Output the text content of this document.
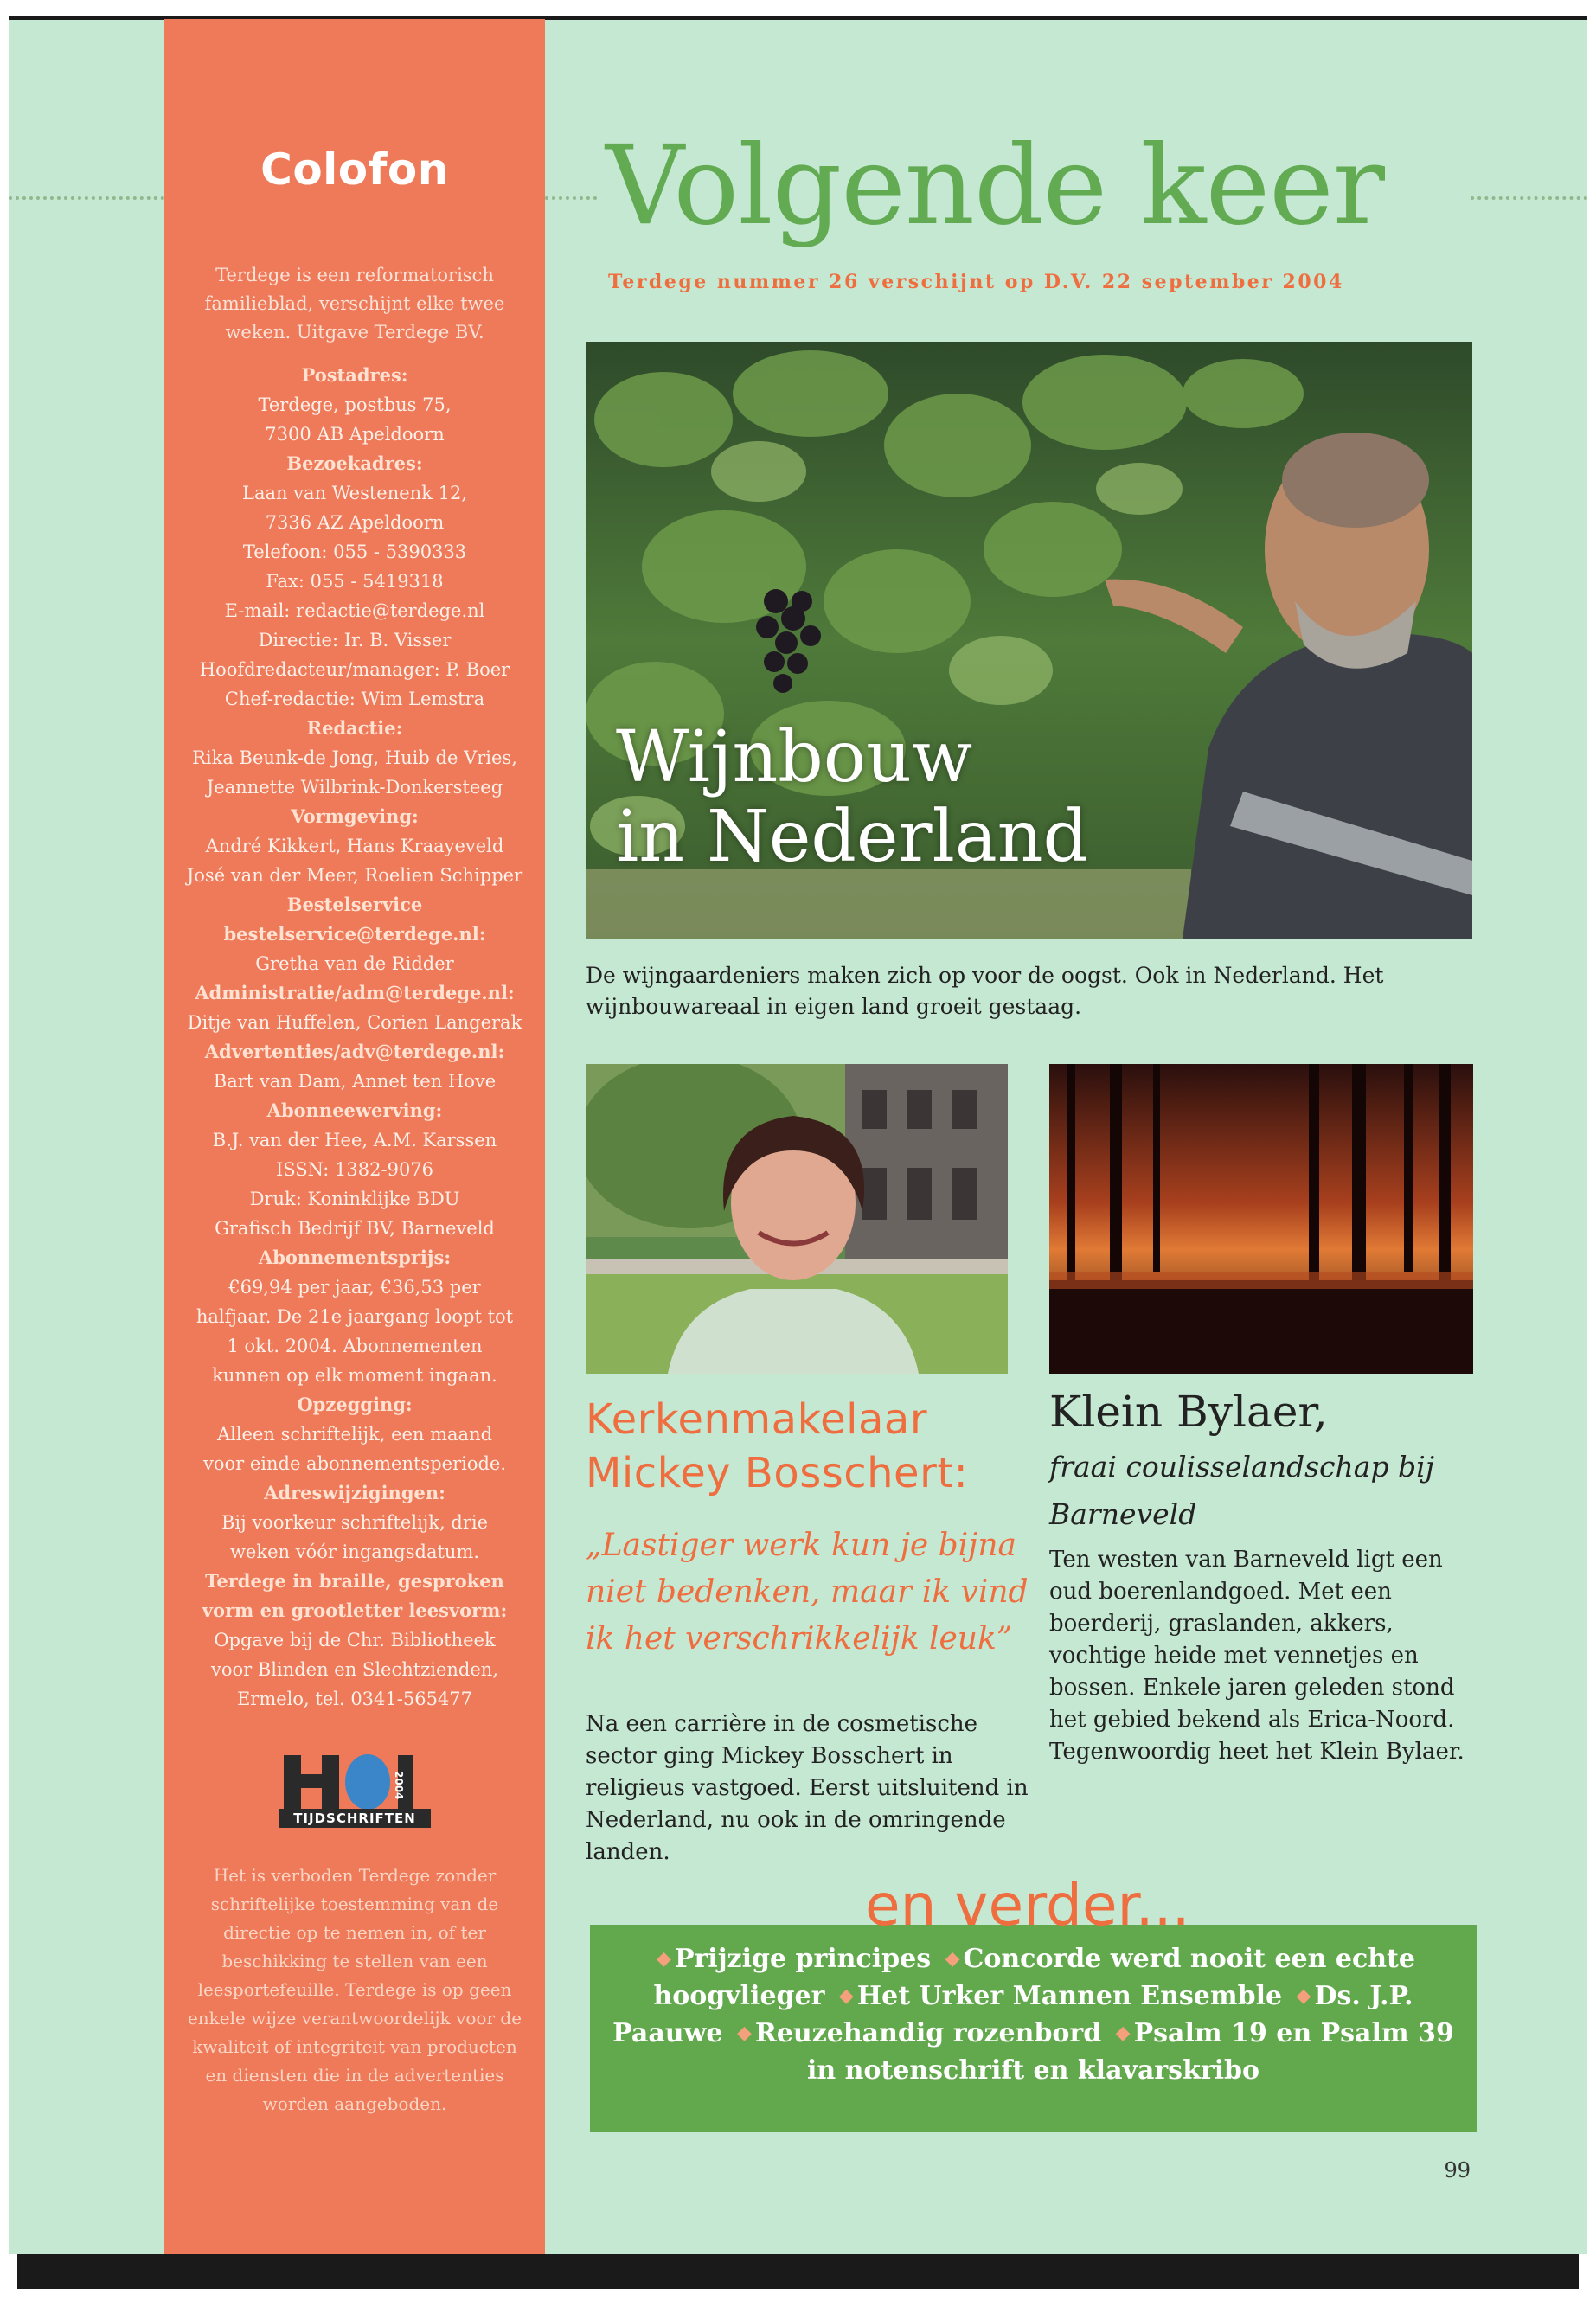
Colofon
Terdege is een reformatorisch familieblad, verschijnt elke twee weken. Uitgave Terdege BV.
Postadres:
Terdege, postbus 75,
7300 AB Apeldoorn
Bezoekadres:
Laan van Westenenk 12,
7336 AZ Apeldoorn
Telefoon: 055 - 5390333
Fax: 055 - 5419318
E-mail: redactie@terdege.nl
Directie: Ir. B. Visser
Hoofdredacteur/manager: P. Boer
Chef-redactie: Wim Lemstra
Redactie:
Rika Beunk-de Jong, Huib de Vries,
Jeannette Wilbrink-Donkersteeg
Vormgeving:
André Kikkert, Hans Kraayeveld
José van der Meer, Roelien Schipper
Bestelservice
bestelservice@terdege.nl:
Gretha van de Ridder
Administratie/adm@terdege.nl:
Ditje van Huffelen, Corien Langerak
Advertenties/adv@terdege.nl:
Bart van Dam, Annet ten Hove
Abonneewerving:
B.J. van der Hee, A.M. Karssen
ISSN: 1382-9076
Druk: Koninklijke BDU
Grafisch Bedrijf BV, Barneveld
Abonnementsprijs:
€69,94 per jaar, €36,53 per
halfjaar. De 21e jaargang loopt tot
1 okt. 2004. Abonnementen
kunnen op elk moment ingaan.
Opzegging:
Alleen schriftelijk, een maand
voor einde abonnementsperiode.
Adreswijzigingen:
Bij voorkeur schriftelijk, drie
weken vóór ingangsdatum.
Terdege in braille, gesproken
vorm en grootletter leesvorm:
Opgave bij de Chr. Bibliotheek
voor Blinden en Slechtzienden,
Ermelo, tel. 0341-565477
TIJDSCHRIFTEN
2004
Het is verboden Terdege zonder schriftelijke toestemming van de directie op te nemen in, of ter beschikking te stellen van een leesportefeuille. Terdege is op geen enkele wijze verantwoordelijk voor de kwaliteit of integriteit van producten en diensten die in de advertenties worden aangeboden.
Volgende keer
Terdege nummer 26 verschijnt op D.V. 22 september 2004
Wijnbouw
in Nederland
De wijngaardeniers maken zich op voor de oogst. Ook in Nederland. Het wijnbouwareaal in eigen land groeit gestaag.
Kerkenmakelaar Mickey Bosschert:
„Lastiger werk kun je bijna niet bedenken, maar ik vind ik het verschrikkelijk leuk”
Na een carrière in de cosmetische sector ging Mickey Bosschert in religieus vastgoed. Eerst uitsluitend in Nederland, nu ook in de omringende landen.
Klein Bylaer,
fraai coulisselandschap bij Barneveld
Ten westen van Barneveld ligt een oud boerenlandgoed. Met een boerderij, graslanden, akkers, vochtige heide met vennetjes en bossen. Enkele jaren geleden stond het gebied bekend als Erica-Noord. Tegenwoordig heet het Klein Bylaer.
◆ Prijzige principes ◆ Concorde werd nooit een echte hoogvlieger ◆ Het Urker Mannen Ensemble ◆ Ds. J.P. Paauwe ◆ Reuzehandig rozenbord ◆ Psalm 19 en Psalm 39 in notenschrift en klavarskribo
en verder...
99
